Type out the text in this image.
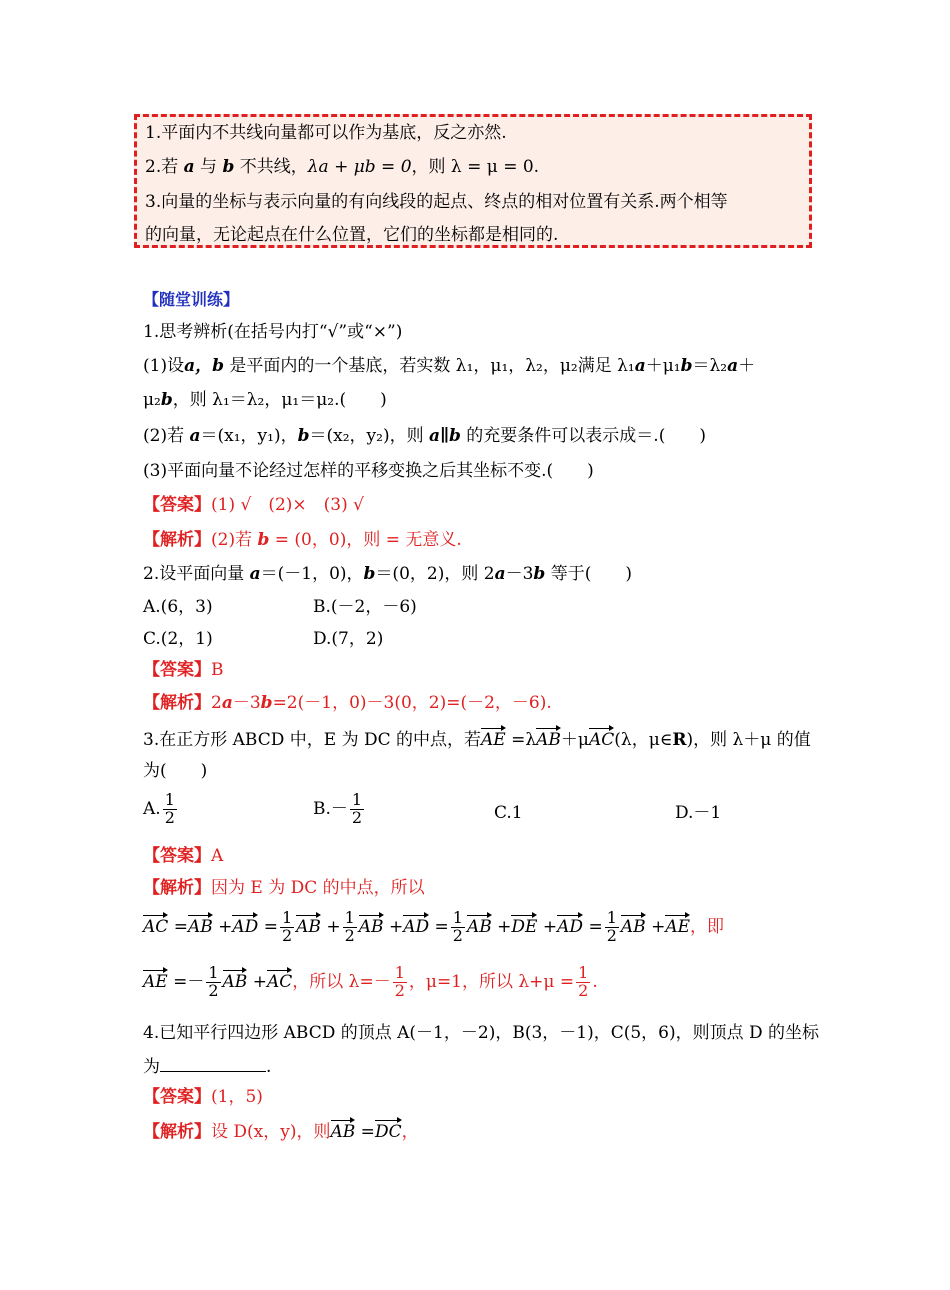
1.平面内不共线向量都可以作为基底，反之亦然.
2.若 a 与 b 不共线，λa + μb = 0，则 λ = μ = 0.
3.向量的坐标与表示向量的有向线段的起点、终点的相对位置有关系.两个相等
的向量，无论起点在什么位置，它们的坐标都是相同的.
【随堂训练】
1.思考辨析(在括号内打“√”或“×”)
(1)设a，b 是平面内的一个基底，若实数 λ₁，μ₁，λ₂，μ₂满足 λ₁a＋μ₁b＝λ₂a＋
μ₂b，则 λ₁＝λ₂，μ₁＝μ₂.(　　)
(2)若 a＝(x₁，y₁)，b＝(x₂，y₂)，则 a∥b 的充要条件可以表示成＝.(　　)
(3)平面向量不论经过怎样的平移变换之后其坐标不变.(　　)
【答案】(1) √　(2)×　(3) √
【解析】(2)若 b = (0，0)，则 = 无意义.
2.设平面向量 a＝(－1，0)，b＝(0，2)，则 2a－3b 等于(　　)
A.(6，3)	B.(－2，－6)
C.(2，1)	D.(7，2)
【答案】B
【解析】2a－3b=2(－1，0)－3(0，2)=(－2，－6).
3.在正方形 ABCD 中，E 为 DC 的中点，若AE =λAB＋μAC(λ，μ∈R)，则 λ＋μ 的值
为(　　)
A. $\frac{1}{2}$	$B.- \frac{1}{2}$	C.1	D.－1
【答案】A
【解析】因为 E 为 DC 的中点，所以
AC $=AB +AD = \frac{1}{2}$ AB + $\frac{1}{2}$ AB $+AD = \frac{1}{2}$ AB $+DE +AD = \frac{1}{2}$ AB +AE，即
AE =－ $\frac{1}{2}$ AB +AC，所以 $\lambda=- \frac{1}{2}$ ，μ=1，所以 $\lambda+\mu = \frac{1}{2}$ .
4.已知平行四边形 ABCD 的顶点 A(－1，－2)，B(3，－1)，C(5，6)，则顶点 D 的坐标
为	.
【答案】(1，5)
【解析】设 D(x，y)，则AB =DC，
